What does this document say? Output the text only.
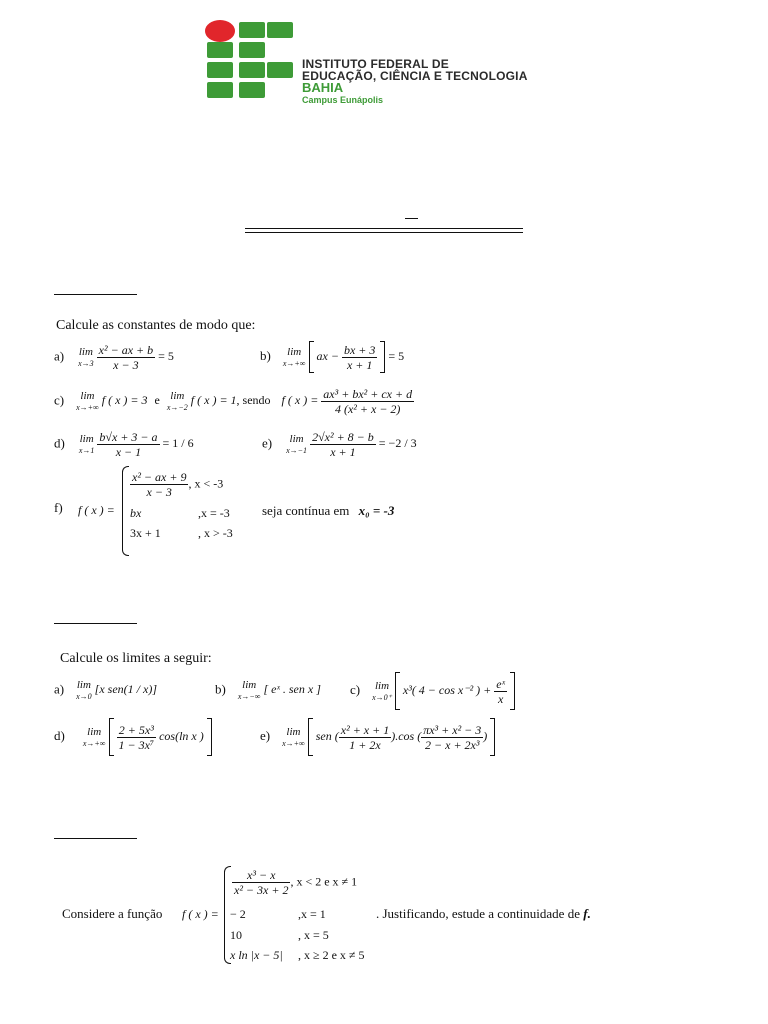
INSTITUTO FEDERAL DE
EDUCAÇÃO, CIÊNCIA E TECNOLOGIA
BAHIA
Campus Eunápolis
Calcule as constantes de modo que:
a) lim
$x\to 3 \frac{\text{x² − ax + b}}{x - 3} = 5$	b) lim
x→+∞  ax − $\frac{bx + 3}{x + 1} = 5$
c) lim
x→+∞ f ( x ) = 3 e lim
x→−2 f ( x ) = 1, sendo f ( x ) = $\frac{\text{ax³ + bx² + cx + d}}{\text{4 (x² + x − 2)}}$
d) lim
$x\to 1 \frac{b√x + 3 - a}{x - 1} = 1 / 6$	e) lim
$x\to-1 \frac{\text{2√x² + 8 − b}}{x + 1} = -2 / 3$
f) f ( x ) =
$\frac{\text{x² − ax + 9}}{x - 3}$ , x < -3
bx	,x = -3
3x + 1	, x > -3
seja contínua em x₀ = -3
Calcule os limites a seguir:
a) lim
x→0 [x sen(1 / x)]	b) lim
x→−∞ [ eˣ . sen x ] c) lim
x→0⁺  x³( 4 − cos x⁻² ) + $\frac{\text{eˣ}}{x}$

d) lim
$x\to+\infty \frac{\text{2 + 5x³}}{\text{1 − 3x⁷}} \cos(\ln$ x )	e) lim
x→+∞  sen ( $\frac{\text{x² + x + 1}}{1 + 2x} ).\cos$ ( $\frac{\text{πx³ + x² − 3}}{\text{2 − x + 2x³}}$ )
Considere a função f ( x ) =
$\frac{\text{x³ − x}}{\text{x² − 3x + 2}}$ , x < 2 e x ≠ 1
− 2	,x = 1
10	, x = 5
x ln |x − 5| , x ≥ 2 e x ≠ 5
. Justificando, estude a continuidade de f.
